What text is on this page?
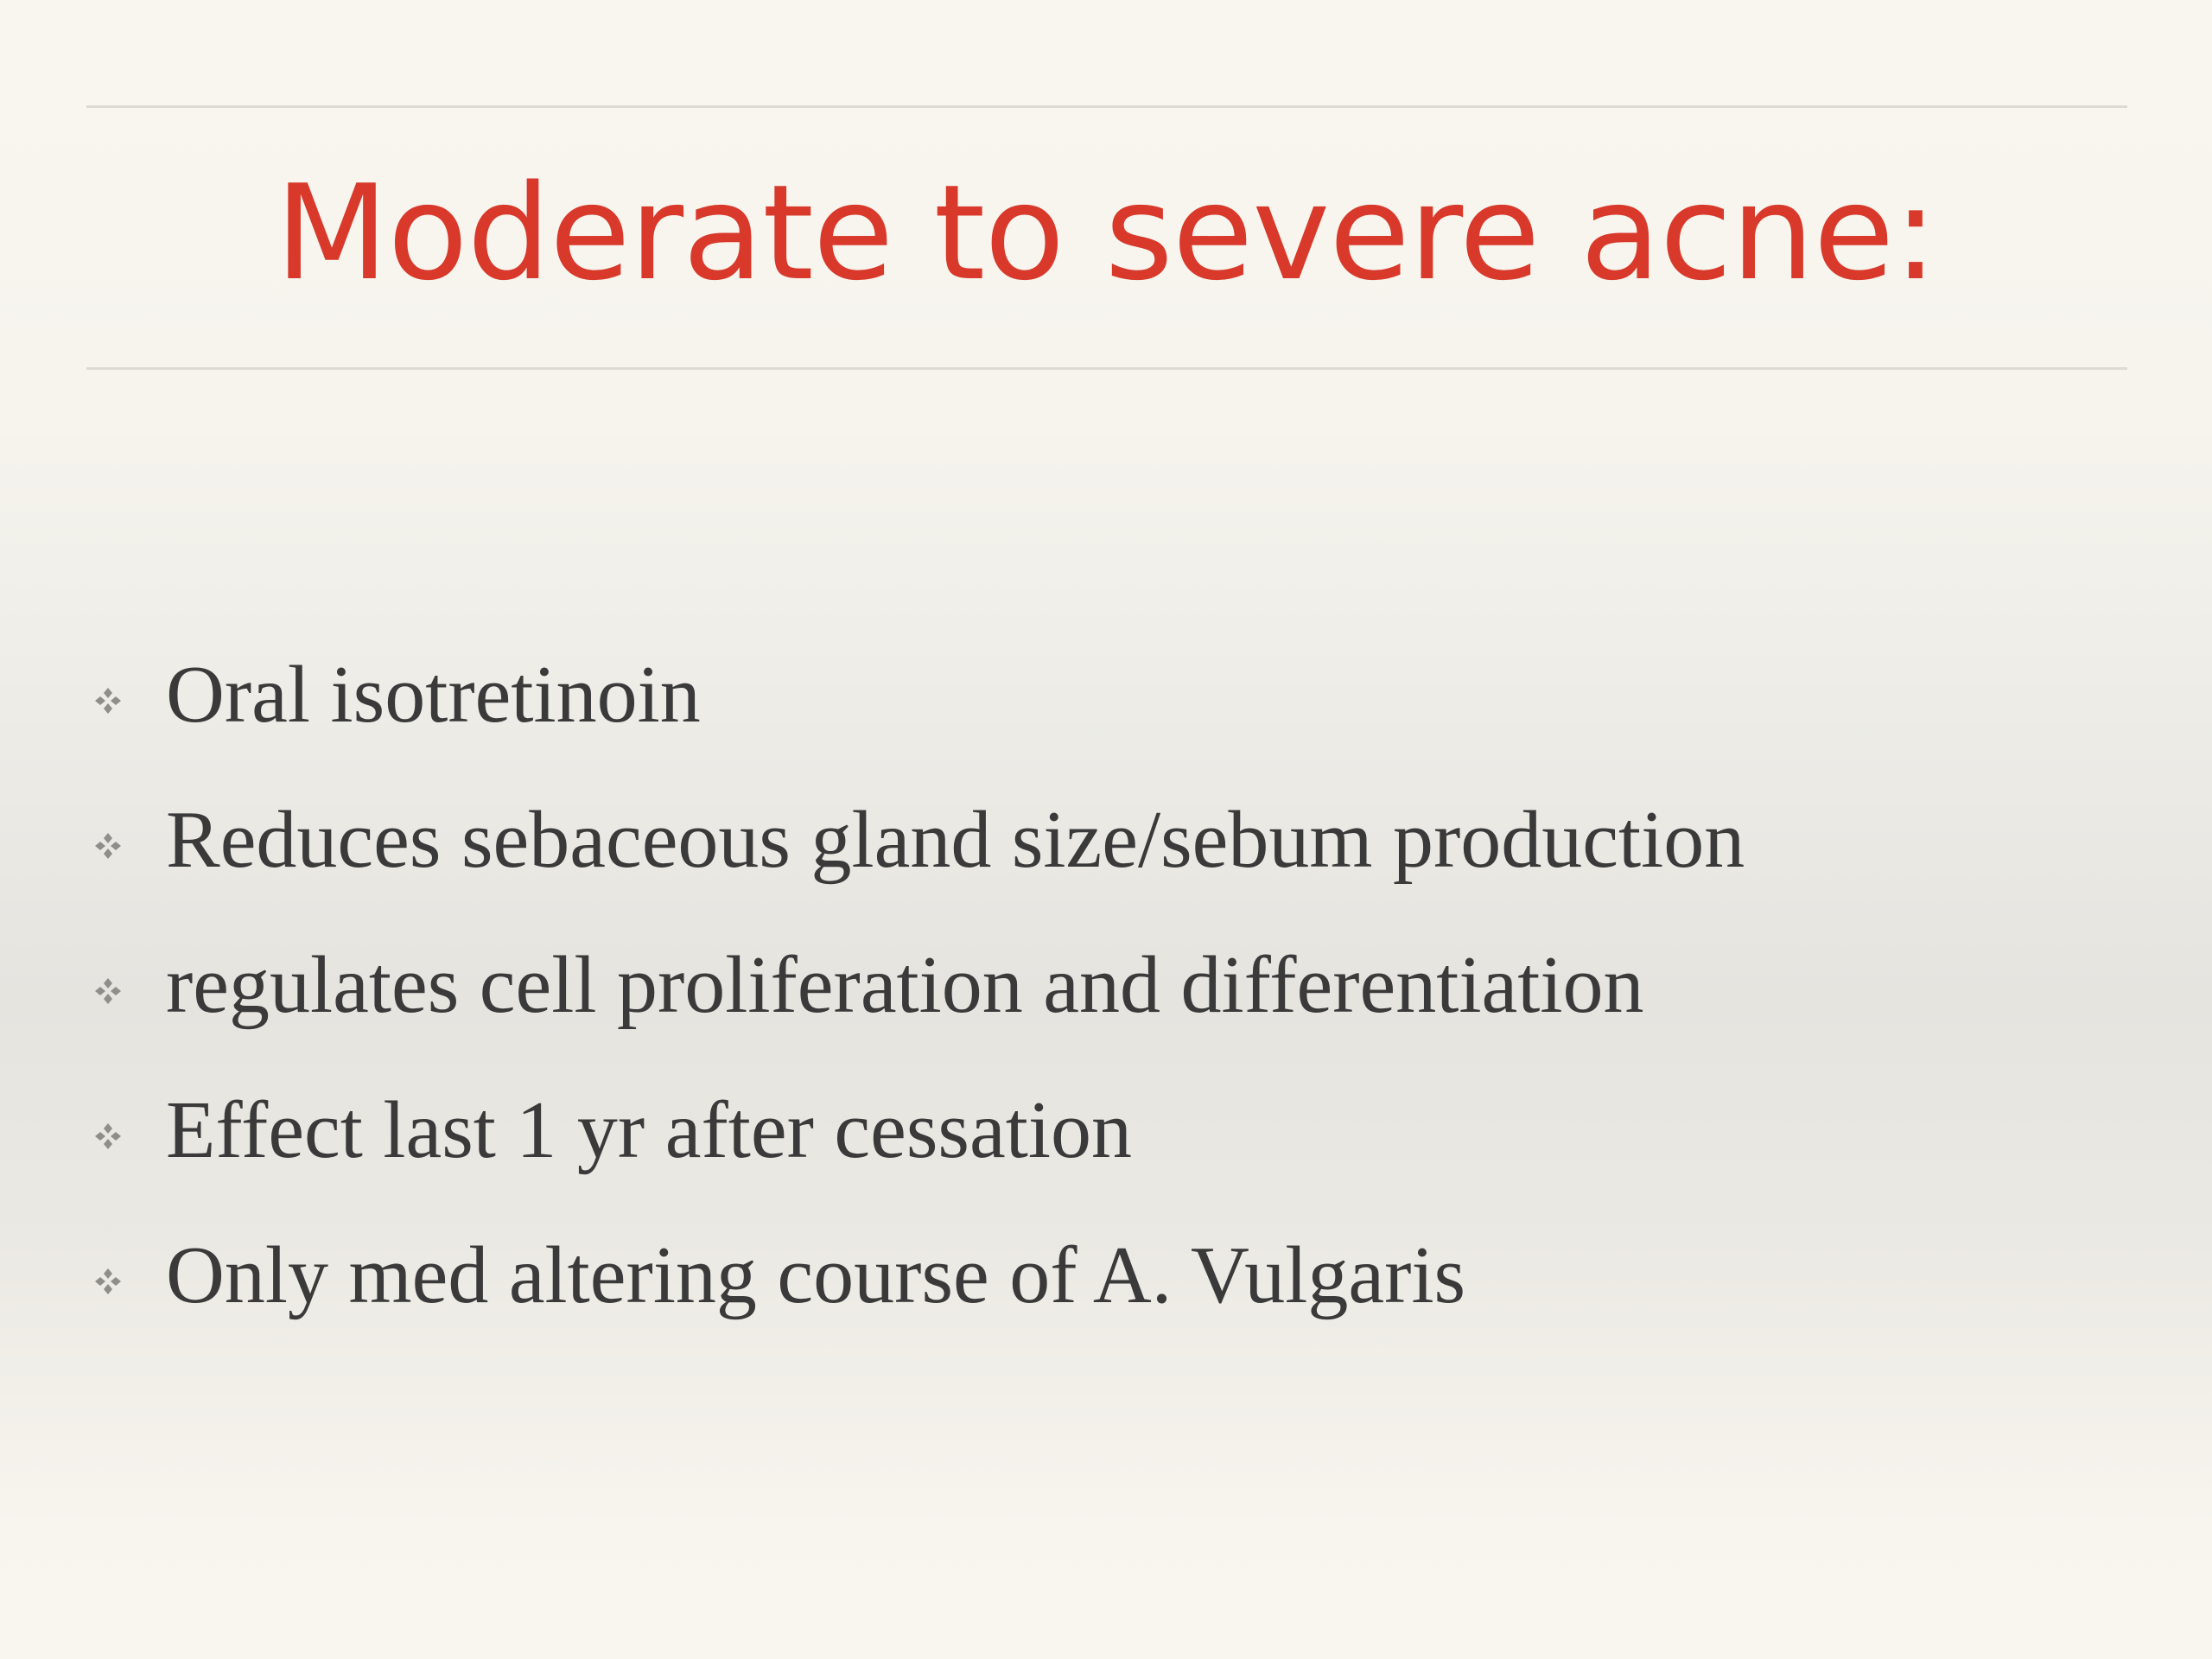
Moderate to severe acne:
Oral isotretinoin
Reduces sebaceous gland size/sebum production
regulates cell proliferation and differentiation
Effect last 1 yr after cessation
Only med altering course of A. Vulgaris
